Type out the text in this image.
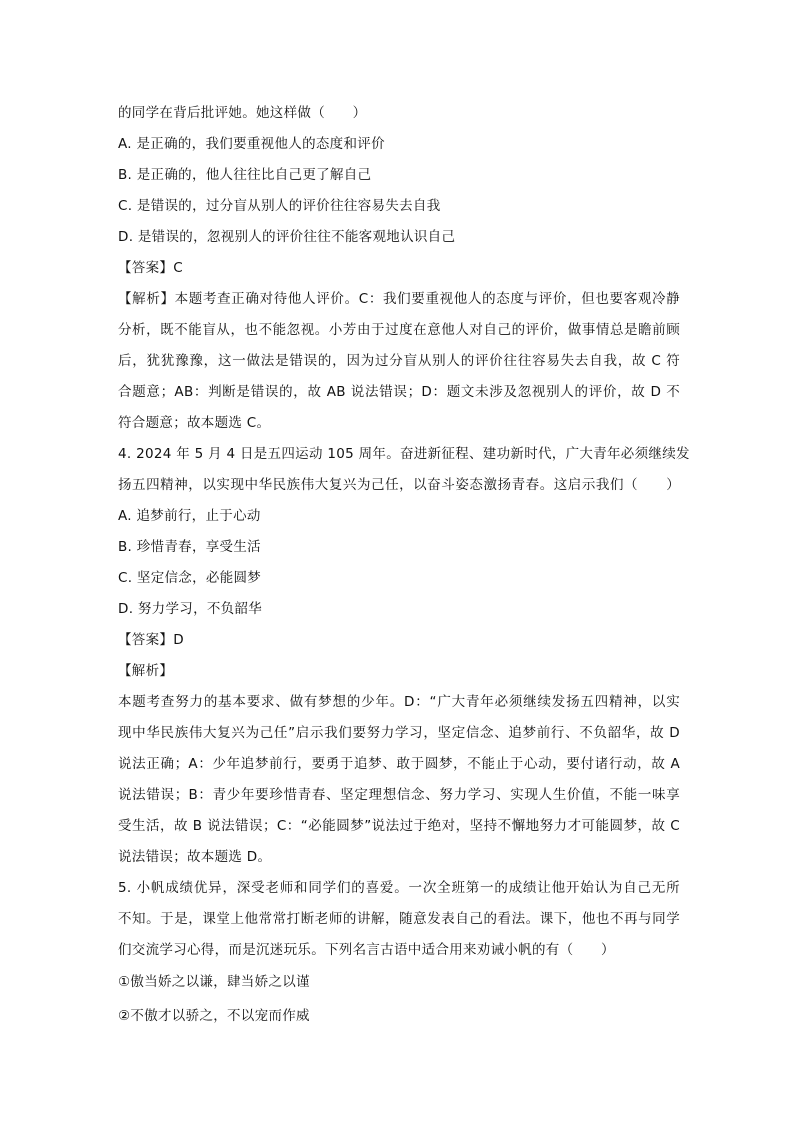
的同学在背后批评她。她这样做（　　）
A. 是正确的，我们要重视他人的态度和评价
B. 是正确的，他人往往比自己更了解自己
C. 是错误的，过分盲从别人的评价往往容易失去自我
D. 是错误的，忽视别人的评价往往不能客观地认识自己
【答案】C
【解析】本题考查正确对待他人评价。C：我们要重视他人的态度与评价，但也要客观冷静
分析，既不能盲从，也不能忽视。小芳由于过度在意他人对自己的评价，做事情总是瞻前顾
后，犹犹豫豫，这一做法是错误的，因为过分盲从别人的评价往往容易失去自我，故 C 符
合题意；AB：判断是错误的，故 AB 说法错误；D：题文未涉及忽视别人的评价，故 D 不
符合题意；故本题选 C。
4. 2024 年 5 月 4 日是五四运动 105 周年。奋进新征程、建功新时代，广大青年必须继续发
扬五四精神，以实现中华民族伟大复兴为己任，以奋斗姿态激扬青春。这启示我们（　　）
A. 追梦前行，止于心动
B. 珍惜青春，享受生活
C. 坚定信念，必能圆梦
D. 努力学习，不负韶华
【答案】D
【解析】
本题考查努力的基本要求、做有梦想的少年。D：“广大青年必须继续发扬五四精神，以实
现中华民族伟大复兴为己任”启示我们要努力学习，坚定信念、追梦前行、不负韶华，故 D
说法正确；A：少年追梦前行，要勇于追梦、敢于圆梦，不能止于心动，要付诸行动，故 A
说法错误；B：青少年要珍惜青春、坚定理想信念、努力学习、实现人生价值，不能一味享
受生活，故 B 说法错误；C：“必能圆梦”说法过于绝对，坚持不懈地努力才可能圆梦，故 C
说法错误；故本题选 D。
5. 小帆成绩优异，深受老师和同学们的喜爱。一次全班第一的成绩让他开始认为自己无所
不知。于是，课堂上他常常打断老师的讲解，随意发表自己的看法。课下，他也不再与同学
们交流学习心得，而是沉迷玩乐。下列名言古语中适合用来劝诫小帆的有（　　）
①傲当娇之以谦，肆当娇之以谨
②不傲才以骄之，不以宠而作威
